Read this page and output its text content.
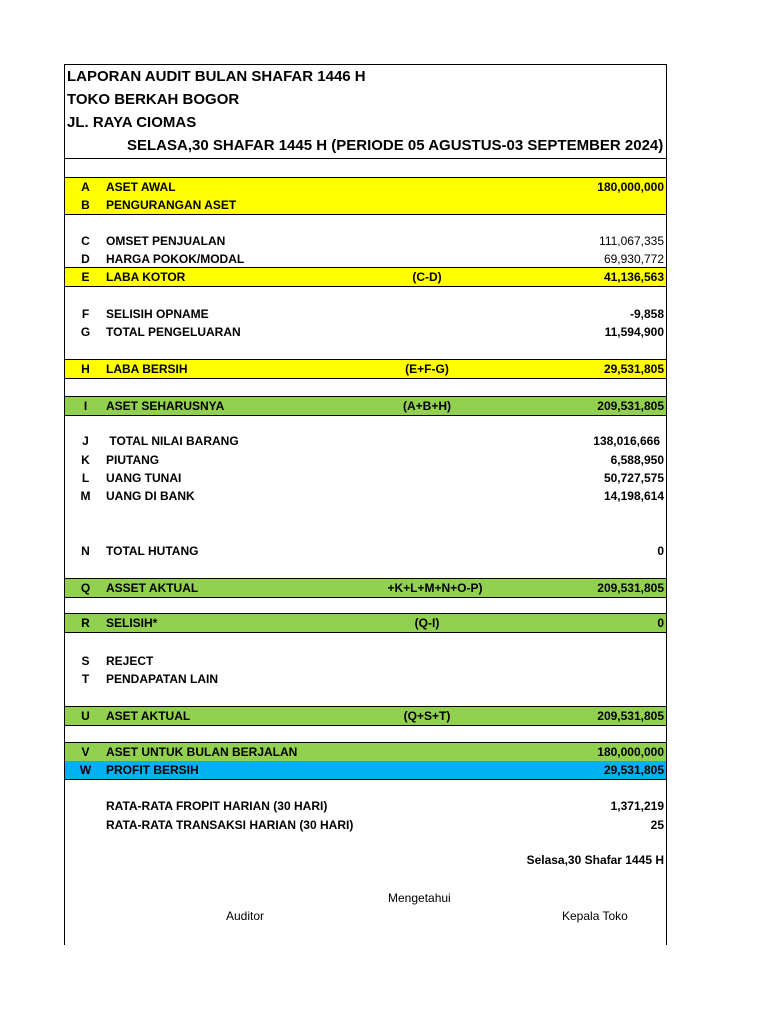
LAPORAN AUDIT BULAN SHAFAR 1446 H
TOKO BERKAH BOGOR
JL. RAYA CIOMAS
SELASA,30 SHAFAR 1445 H (PERIODE 05 AGUSTUS-03 SEPTEMBER 2024)
A	ASET AWAL	180,000,000
B	PENGURANGAN ASET
C	OMSET PENJUALAN	111,067,335
D	HARGA POKOK/MODAL	69,930,772
E	LABA KOTOR	(C-D)	41,136,563
F	SELISIH OPNAME	-9,858
G	TOTAL PENGELUARAN	11,594,900
H	LABA BERSIH	(E+F-G)	29,531,805
I	ASET SEHARUSNYA	(A+B+H)	209,531,805
J	TOTAL NILAI BARANG	138,016,666
K	PIUTANG	6,588,950
L	UANG TUNAI	50,727,575
M	UANG DI BANK	14,198,614
N	TOTAL HUTANG	0
Q	ASSET AKTUAL	+K+L+M+N+O-P)	209,531,805
R	SELISIH*	(Q-I)	0
S	REJECT
T	PENDAPATAN LAIN
U	ASET AKTUAL	(Q+S+T)	209,531,805
V	ASET UNTUK BULAN BERJALAN	180,000,000
W	PROFIT BERSIH	29,531,805
RATA-RATA FROPIT HARIAN (30 HARI)	1,371,219
RATA-RATA TRANSAKSI HARIAN (30 HARI)	25
Selasa,30 Shafar 1445 H
Mengetahui
Auditor	Kepala Toko
